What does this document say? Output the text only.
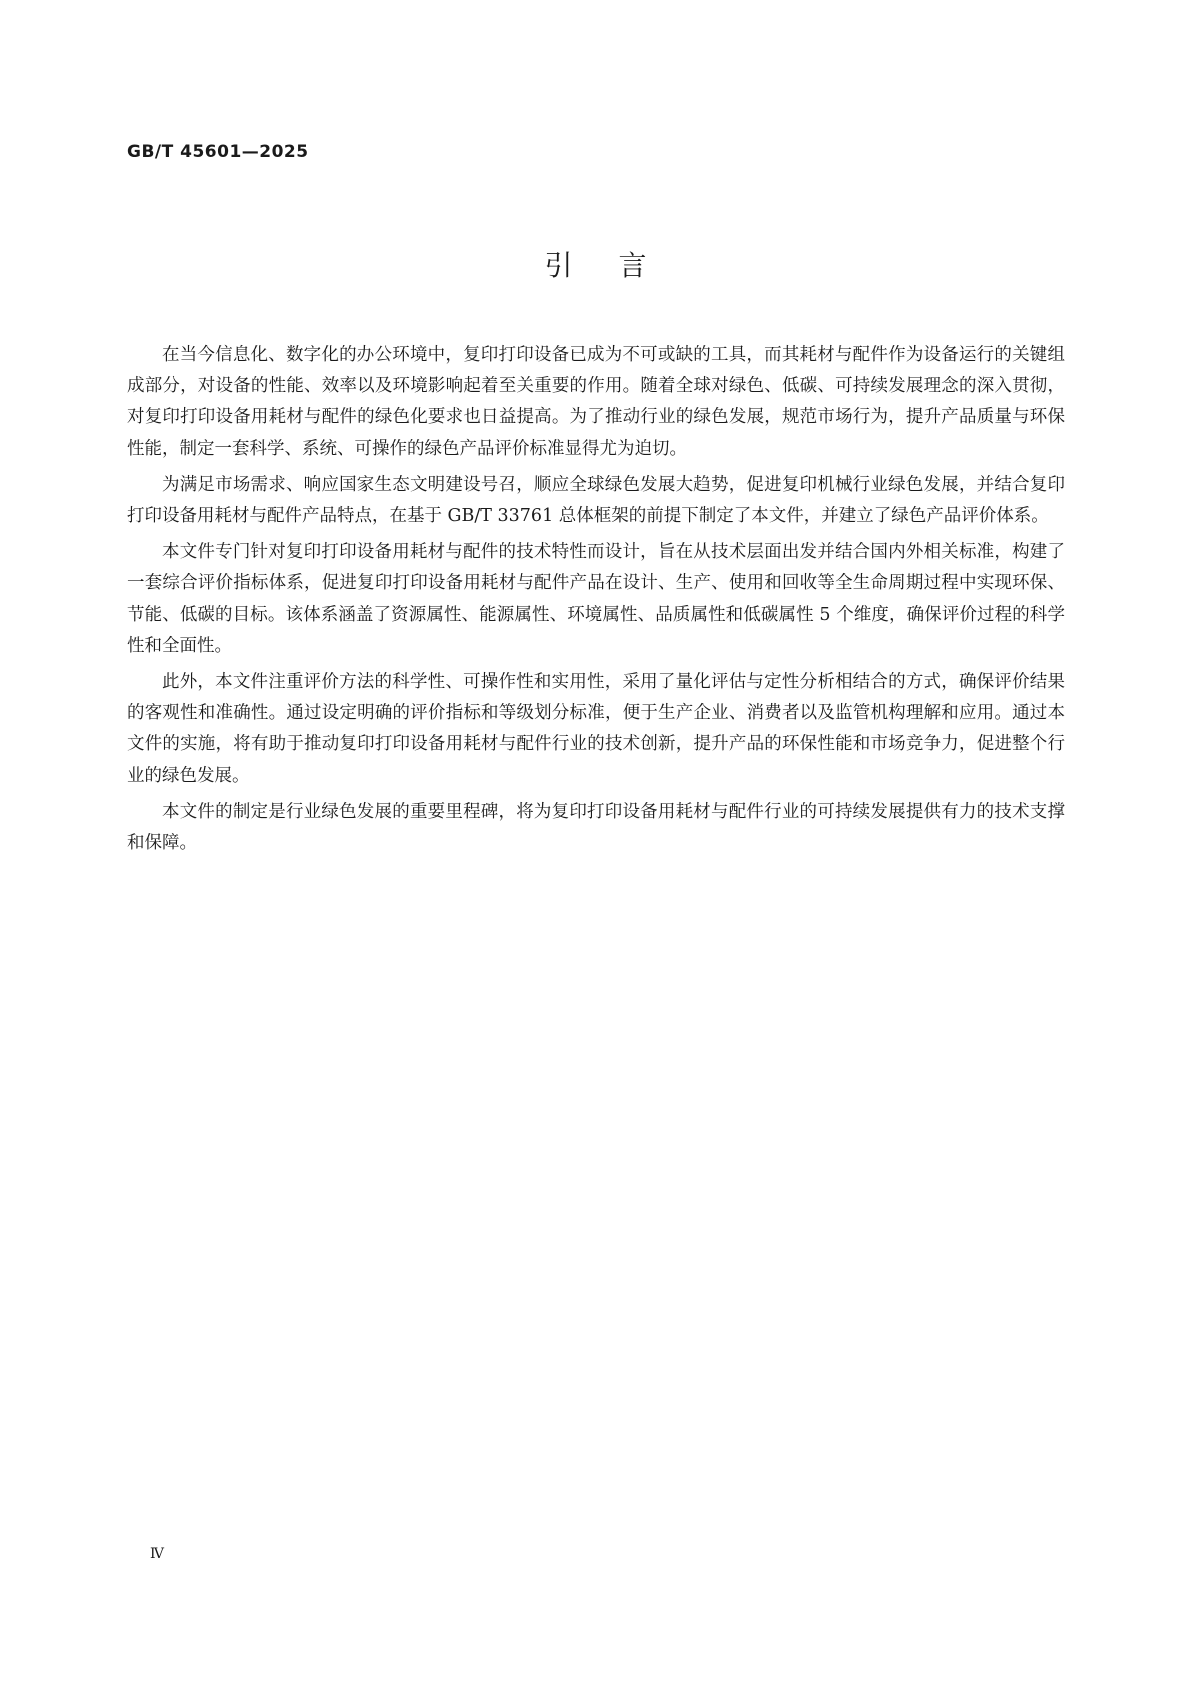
GB/T 45601—2025
引言

在当今信息化、数字化的办公环境中，复印打印设备已成为不可或缺的工具，而其耗材与配件作为设备运行的关键组成部分，对设备的性能、效率以及环境影响起着至关重要的作用。随着全球对绿色、低碳、可持续发展理念的深入贯彻，对复印打印设备用耗材与配件的绿色化要求也日益提高。为了推动行业的绿色发展，规范市场行为，提升产品质量与环保性能，制定一套科学、系统、可操作的绿色产品评价标准显得尤为迫切。

为满足市场需求、响应国家生态文明建设号召，顺应全球绿色发展大趋势，促进复印机械行业绿色发展，并结合复印打印设备用耗材与配件产品特点，在基于 GB/T 33761 总体框架的前提下制定了本文件，并建立了绿色产品评价体系。

本文件专门针对复印打印设备用耗材与配件的技术特性而设计，旨在从技术层面出发并结合国内外相关标准，构建了一套综合评价指标体系，促进复印打印设备用耗材与配件产品在设计、生产、使用和回收等全生命周期过程中实现环保、节能、低碳的目标。该体系涵盖了资源属性、能源属性、环境属性、品质属性和低碳属性 5 个维度，确保评价过程的科学性和全面性。

此外，本文件注重评价方法的科学性、可操作性和实用性，采用了量化评估与定性分析相结合的方式，确保评价结果的客观性和准确性。通过设定明确的评价指标和等级划分标准，便于生产企业、消费者以及监管机构理解和应用。通过本文件的实施，将有助于推动复印打印设备用耗材与配件行业的技术创新，提升产品的环保性能和市场竞争力，促进整个行业的绿色发展。

本文件的制定是行业绿色发展的重要里程碑，将为复印打印设备用耗材与配件行业的可持续发展提供有力的技术支撑和保障。

Ⅳ
